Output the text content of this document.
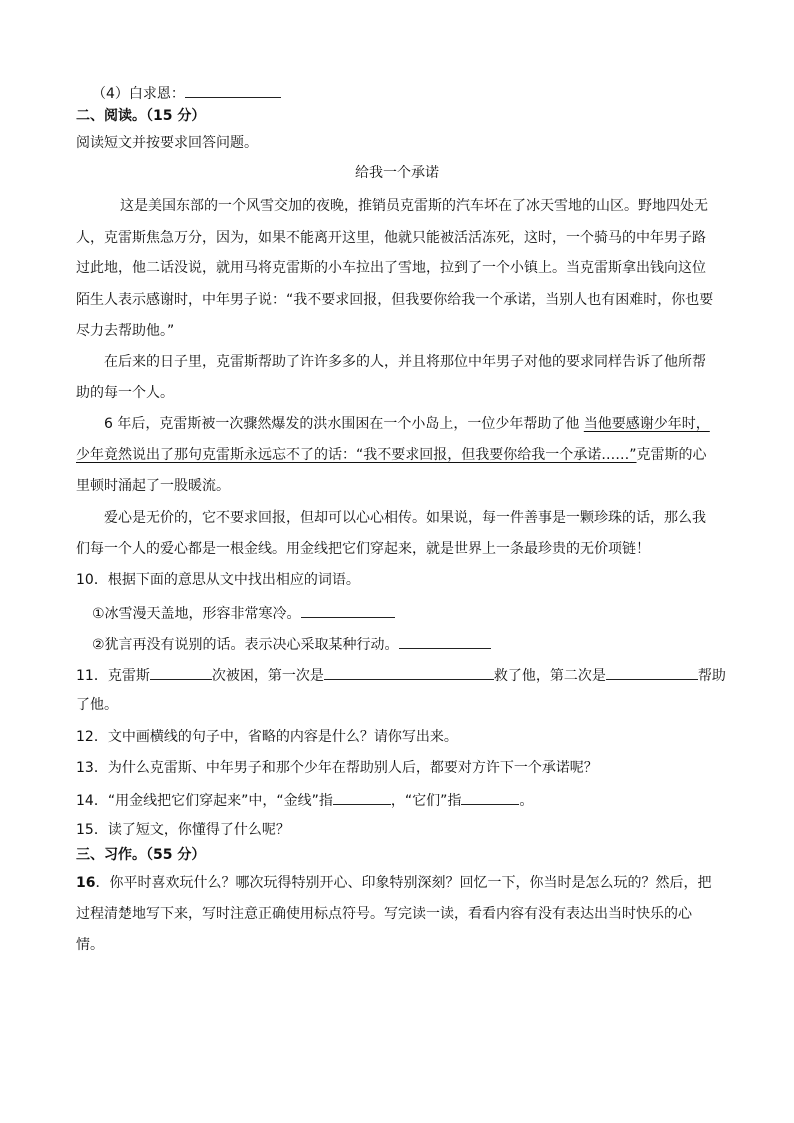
（4）白求恩：
二、阅读。（15 分）
阅读短文并按要求回答问题。
给我一个承诺
这是美国东部的一个风雪交加的夜晚，推销员克雷斯的汽车坏在了冰天雪地的山区。野地四处无
人，克雷斯焦急万分，因为，如果不能离开这里，他就只能被活活冻死，这时，一个骑马的中年男子路
过此地，他二话没说，就用马将克雷斯的小车拉出了雪地，拉到了一个小镇上。当克雷斯拿出钱向这位
陌生人表示感谢时，中年男子说：“我不要求回报，但我要你给我一个承诺，当别人也有困难时，你也要
尽力去帮助他。”
在后来的日子里，克雷斯帮助了许许多多的人，并且将那位中年男子对他的要求同样告诉了他所帮
助的每一个人。
6 年后，克雷斯被一次骤然爆发的洪水围困在一个小岛上，一位少年帮助了他 当他要感谢少年时，
少年竟然说出了那句克雷斯永远忘不了的话：“我不要求回报，但我要你给我一个承诺……”克雷斯的心
里顿时涌起了一股暖流。
爱心是无价的，它不要求回报，但却可以心心相传。如果说，每一件善事是一颗珍珠的话，那么我
们每一个人的爱心都是一根金线。用金线把它们穿起来，就是世界上一条最珍贵的无价项链！
10．根据下面的意思从文中找出相应的词语。
①冰雪漫天盖地，形容非常寒冷。
②犹言再没有说别的话。表示决心采取某种行动。
11．克雷斯	次被困，第一次是	救了他，第二次是	帮助
了他。
12．文中画横线的句子中，省略的内容是什么？请你写出来。
13．为什么克雷斯、中年男子和那个少年在帮助别人后，都要对方许下一个承诺呢？
14．“用金线把它们穿起来”中，“金线”指	，“它们”指	。
15．读了短文，你懂得了什么呢？
三、习作。（55 分）
16．你平时喜欢玩什么？哪次玩得特别开心、印象特别深刻？回忆一下，你当时是怎么玩的？然后，把
过程清楚地写下来，写时注意正确使用标点符号。写完读一读，看看内容有没有表达出当时快乐的心
情。
